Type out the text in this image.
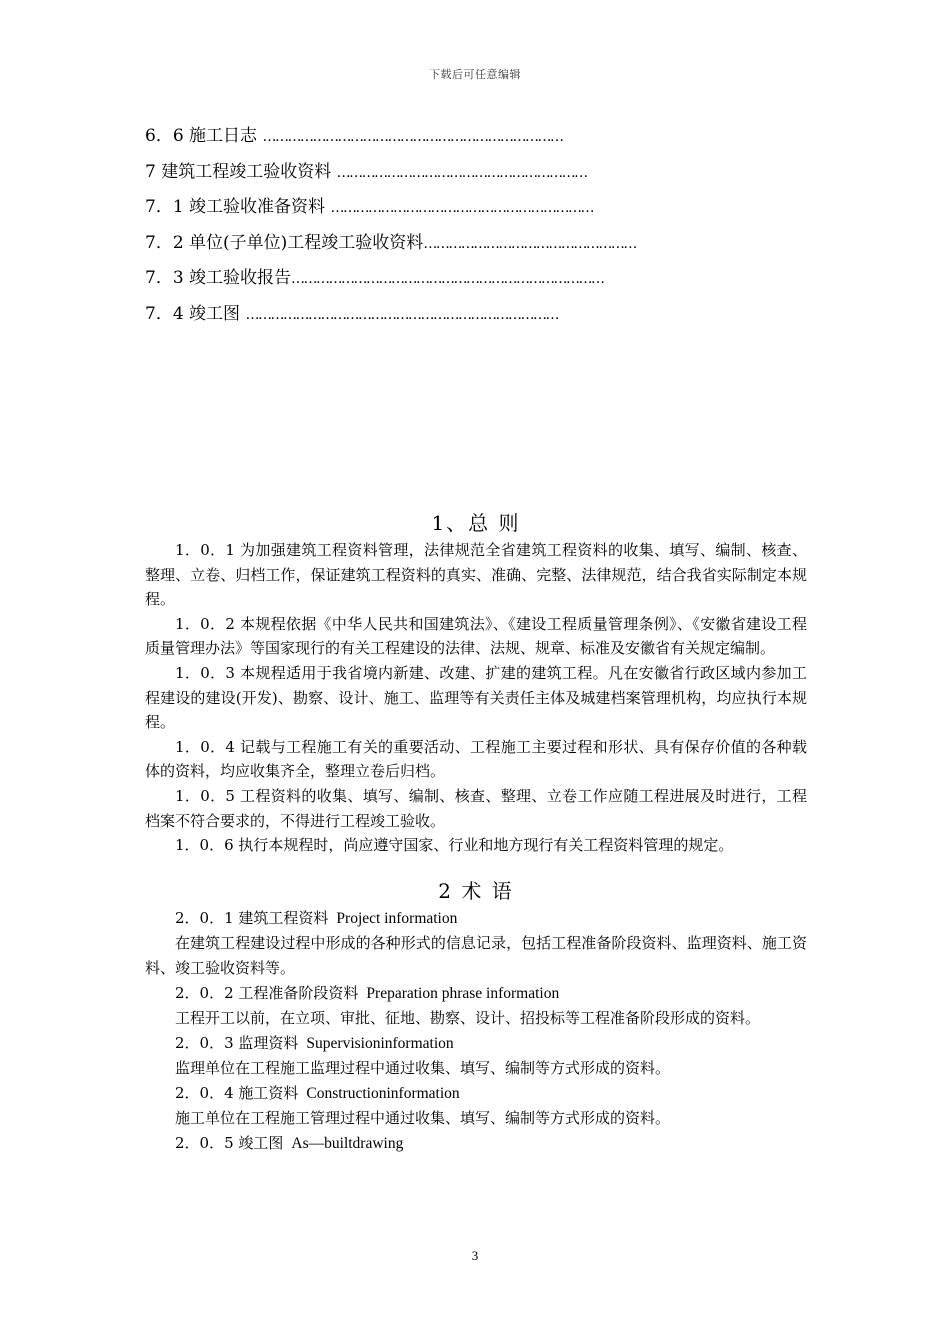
下载后可任意编辑
6．6 施工日志 ………………………………………………………………
7 建筑工程竣工验收资料 ……………………………………………………
7．1 竣工验收准备资料 ………………………………………………………
7．2 单位(子单位)工程竣工验收资料……………………………………………
7．3 竣工验收报告…………………………………………………………………
7．4 竣工图 …………………………………………………………………
1、总 则

1．0．1 为加强建筑工程资料管理，法律规范全省建筑工程资料的收集、填写、编制、核查、整理、立卷、归档工作，保证建筑工程资料的真实、准确、完整、法律规范，结合我省实际制定本规程。

1．0．2 本规程依据《中华人民共和国建筑法》、《建设工程质量管理条例》、《安徽省建设工程质量管理办法》等国家现行的有关工程建设的法律、法规、规章、标准及安徽省有关规定编制。

1．0．3 本规程适用于我省境内新建、改建、扩建的建筑工程。凡在安徽省行政区域内参加工程建设的建设(开发)、勘察、设计、施工、监理等有关责任主体及城建档案管理机构，均应执行本规程。

1．0．4 记载与工程施工有关的重要活动、工程施工主要过程和形状、具有保存价值的各种载体的资料，均应收集齐全，整理立卷后归档。

1．0．5 工程资料的收集、填写、编制、核查、整理、立卷工作应随工程进展及时进行，工程档案不符合要求的，不得进行工程竣工验收。

1．0．6 执行本规程时，尚应遵守国家、行业和地方现行有关工程资料管理的规定。

2 术 语
2．0．1 建筑工程资料 Project information

在建筑工程建设过程中形成的各种形式的信息记录，包括工程准备阶段资料、监理资料、施工资料、竣工验收资料等。

2．0．2 工程准备阶段资料 Preparation phrase information

工程开工以前，在立项、审批、征地、勘察、设计、招投标等工程准备阶段形成的资料。

2．0．3 监理资料 Supervisioninformation

监理单位在工程施工监理过程中通过收集、填写、编制等方式形成的资料。

2．0．4 施工资料 Constructioninformation

施工单位在工程施工管理过程中通过收集、填写、编制等方式形成的资料。

2．0．5 竣工图 As—builtdrawing
3
